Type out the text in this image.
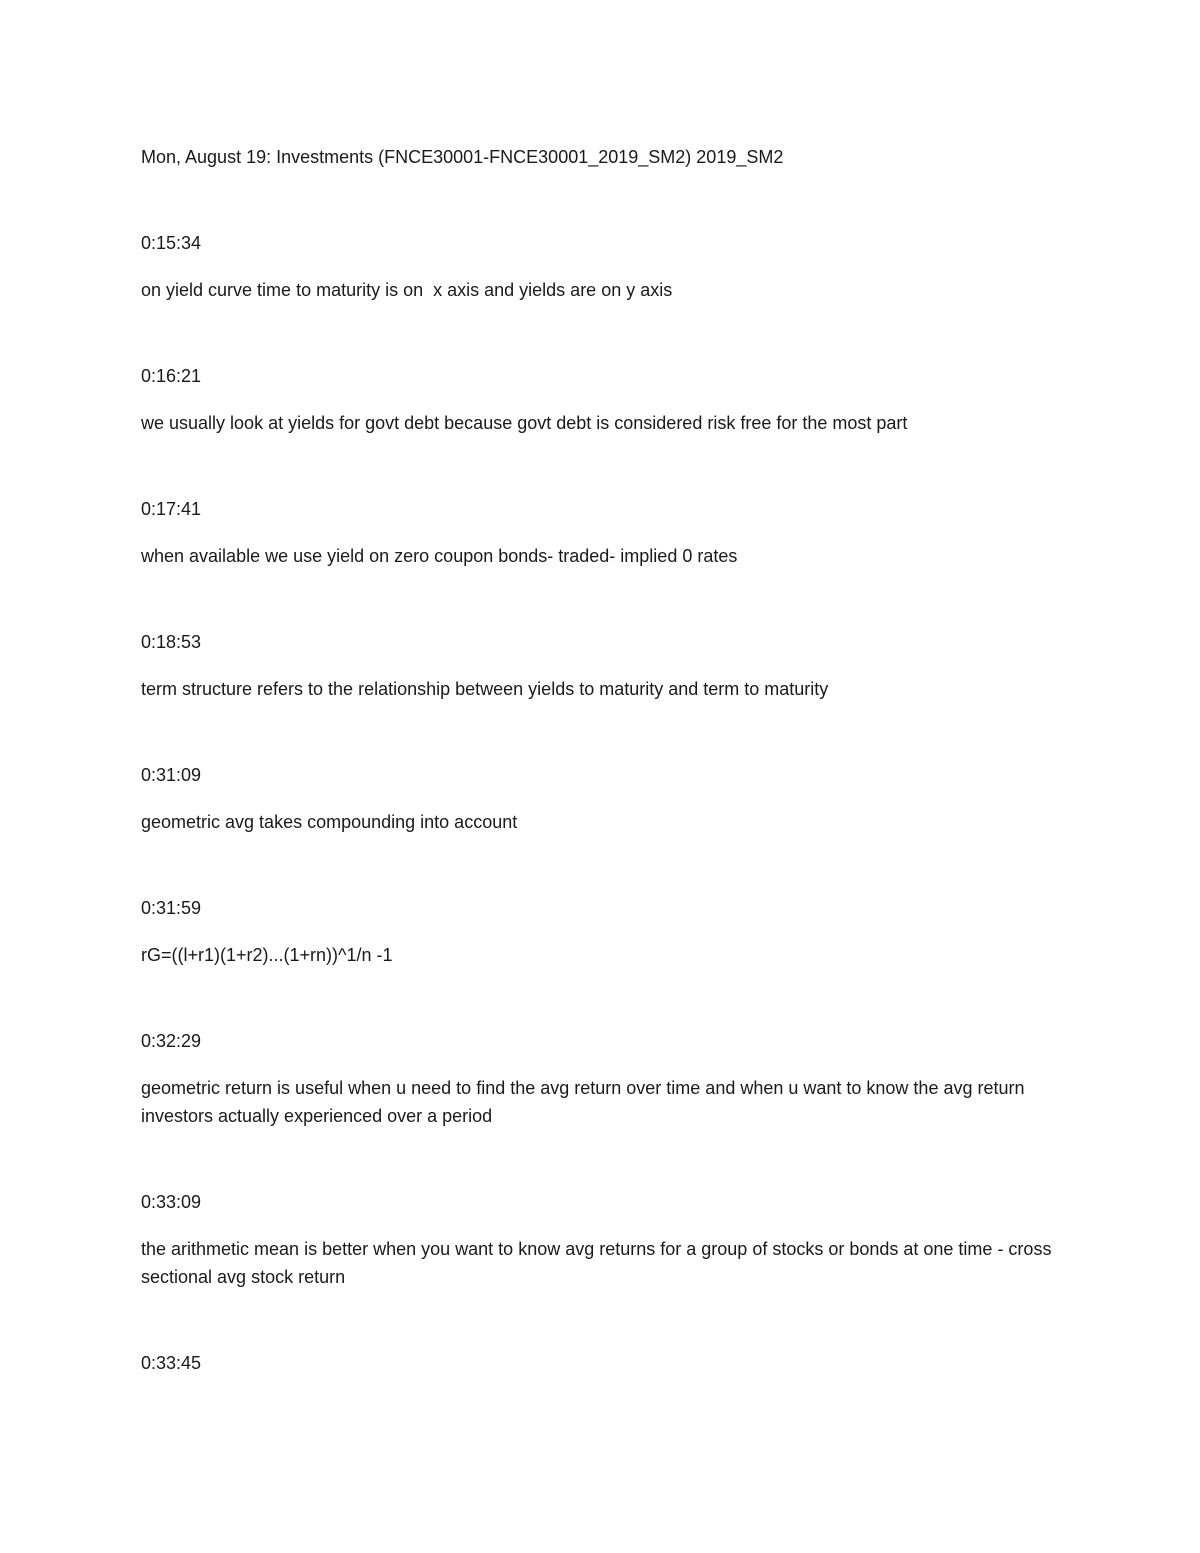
Mon, August 19: Investments (FNCE30001-FNCE30001_2019_SM2) 2019_SM2

0:15:34

on yield curve time to maturity is on  x axis and yields are on y axis

0:16:21

we usually look at yields for govt debt because govt debt is considered risk free for the most part

0:17:41

when available we use yield on zero coupon bonds- traded- implied 0 rates

0:18:53

term structure refers to the relationship between yields to maturity and term to maturity

0:31:09

geometric avg takes compounding into account

0:31:59

rG=((l+r1)(1+r2)...(1+rn))^1/n -1

0:32:29

geometric return is useful when u need to find the avg return over time and when u want to know the avg return investors actually experienced over a period

0:33:09

the arithmetic mean is better when you want to know avg returns for a group of stocks or bonds at one time - cross sectional avg stock return

0:33:45
